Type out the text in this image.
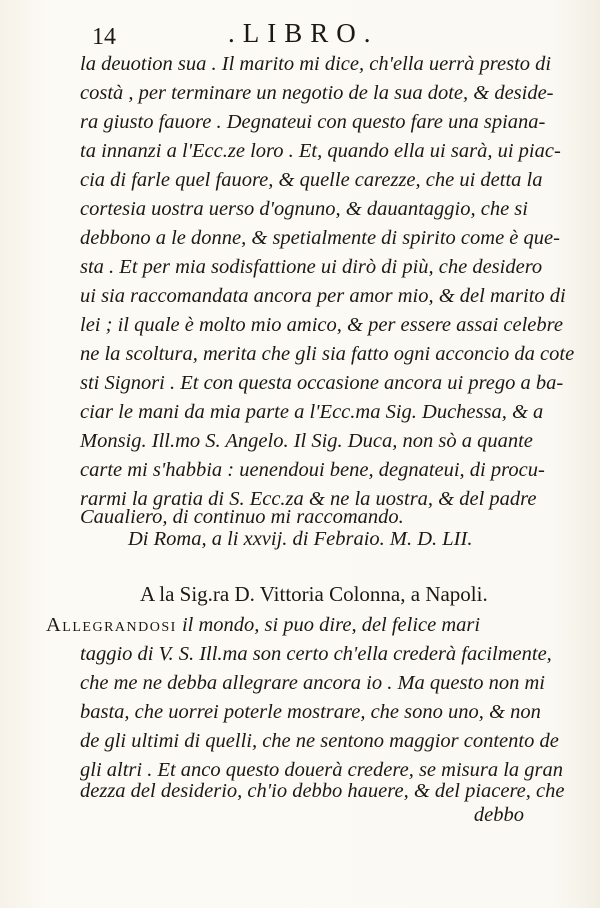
14	.LIBRO.
la deuotion sua . Il marito mi dice, ch'ella uerrà presto di
costà , per terminare un negotio de la sua dote, & deside-
ra giusto fauore . Degnateui con questo fare una spiana-
ta innanzi a l'Ecc.ze loro . Et, quando ella ui sarà, ui piac-
cia di farle quel fauore, & quelle carezze, che ui detta la
cortesia uostra uerso d'ognuno, & dauantaggio, che si
debbono a le donne, & spetialmente di spirito come è que-
sta . Et per mia sodisfattione ui dirò di più, che desidero
ui sia raccomandata ancora per amor mio, & del marito di
lei ; il quale è molto mio amico, & per essere assai celebre
ne la scoltura, merita che gli sia fatto ogni acconcio da cote
sti Signori . Et con questa occasione ancora ui prego a ba-
ciar le mani da mia parte a l'Ecc.ma Sig. Duchessa, & a
Monsig. Ill.mo S. Angelo. Il Sig. Duca, non sò a quante
carte mi s'habbia : uenendoui bene, degnateui, di procu-
rarmi la gratia di S. Ecc.za & ne la uostra, & del padre
Caualiero, di continuo mi raccomando.
Di Roma, a li xxvij. di Febraio. M. D. LII.
A la Sig.ra D. Vittoria Colonna, a Napoli.
Allegrandosi il mondo, si puo dire, del felice mari
taggio di V. S. Ill.ma son certo ch'ella crederà facilmente,
che me ne debba allegrare ancora io . Ma questo non mi
basta, che uorrei poterle mostrare, che sono uno, & non
de gli ultimi di quelli, che ne sentono maggior contento de
gli altri . Et anco questo douerà credere, se misura la gran
dezza del desiderio, ch'io debbo hauere, & del piacere, che
debbo
